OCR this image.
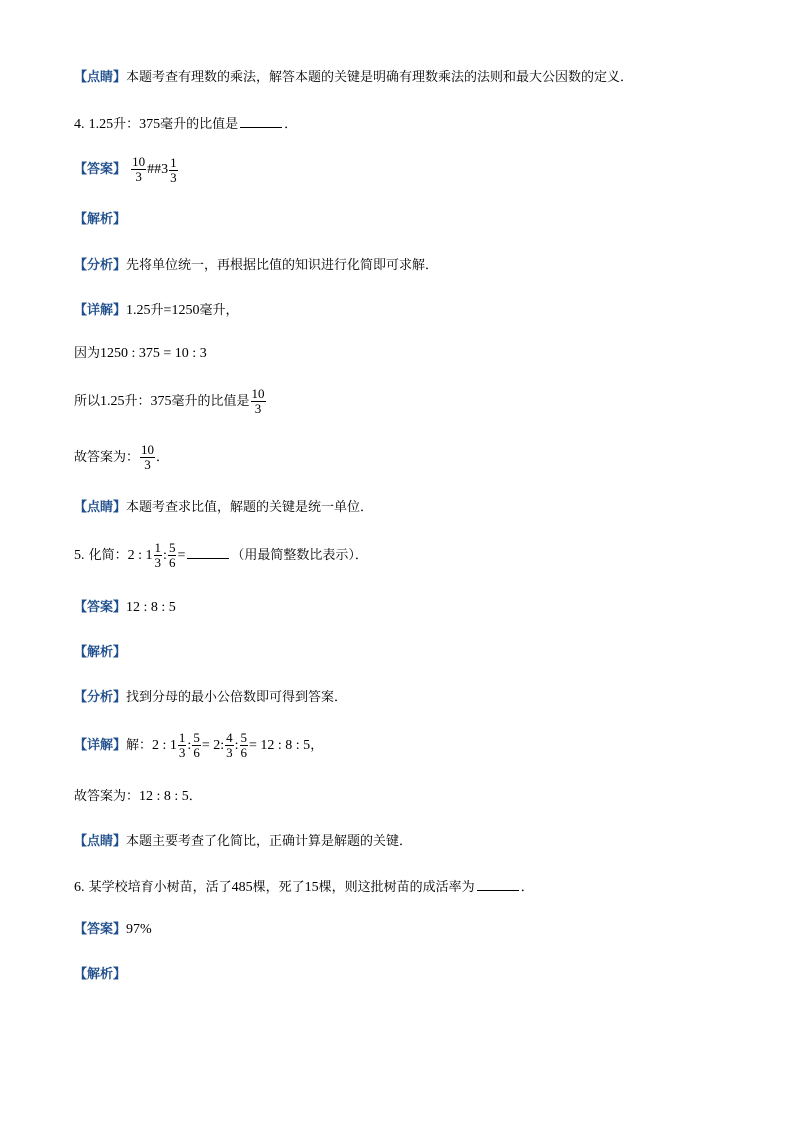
【点睛】本题考查有理数的乘法，解答本题的关键是明确有理数乘法的法则和最大公因数的定义．
4. 1.25升：375毫升的比值是	．
【答案】 $\frac{10}{3}$ ## $3 \frac{1}{3}$
【解析】
【分析】先将单位统一，再根据比值的知识进行化简即可求解．
【详解】1.25升=1250毫升，
因为1250 : 375 = 10 : 3
所以1.25升：375毫升的比值是 $\frac{10}{3}$
故答案为： $\frac{10}{3}$ ．
【点睛】本题考查求比值，解题的关键是统一单位．
5. 化简：2 : $1 \frac{1}{3}$ : $\frac{5}{6}$ =	（用最简整数比表示）．
【答案】12 : 8 : 5
【解析】
【分析】找到分母的最小公倍数即可得到答案．
【详解】解：2 : $1 \frac{1}{3}$ : $\frac{5}{6} = 2$: $\frac{4}{3}$ : $\frac{5}{6} = 12$ : 8 : 5，
故答案为：12 : 8 : 5．
【点睛】本题主要考查了化简比，正确计算是解题的关键．
6. 某学校培育小树苗，活了485棵，死了15棵，则这批树苗的成活率为	．
【答案】97%
【解析】
